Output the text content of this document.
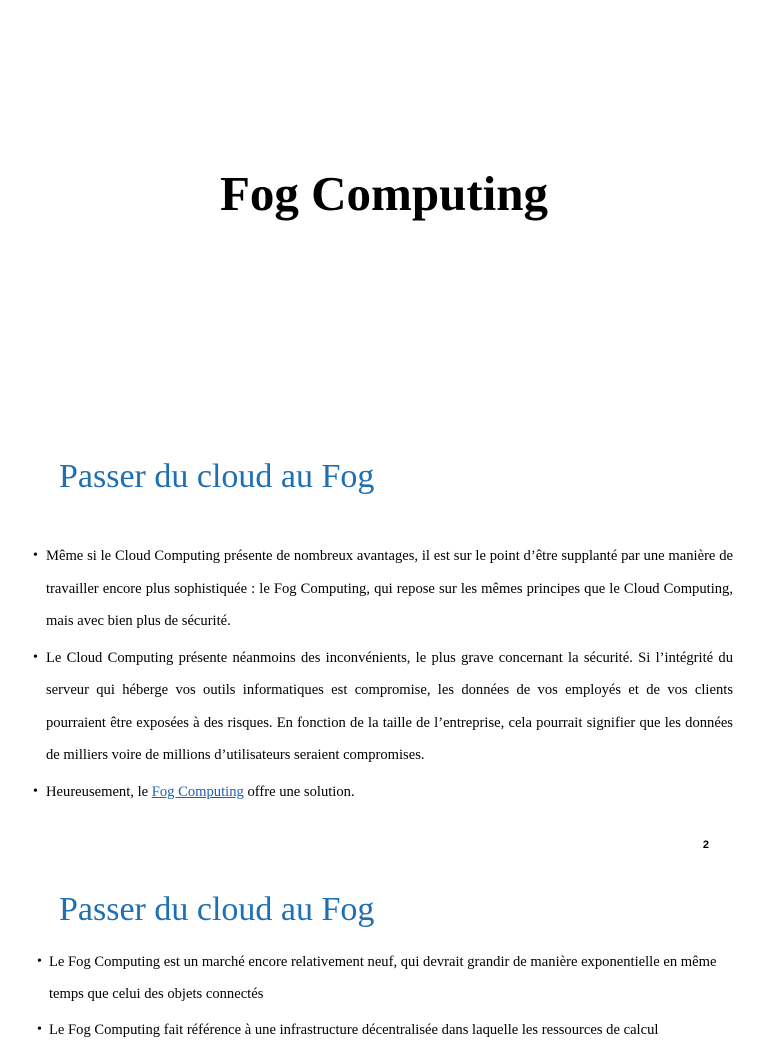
Fog Computing
Passer du cloud au Fog
• Même si le Cloud Computing présente de nombreux avantages, il est sur le point d’être supplanté par une manière de travailler encore plus sophistiquée : le Fog Computing, qui repose sur les mêmes principes que le Cloud Computing, mais avec bien plus de sécurité.
• Le Cloud Computing présente néanmoins des inconvénients, le plus grave concernant la sécurité. Si l’intégrité du serveur qui héberge vos outils informatiques est compromise, les données de vos employés et de vos clients pourraient être exposées à des risques. En fonction de la taille de l’entreprise, cela pourrait signifier que les données de milliers voire de millions d’utilisateurs seraient compromises.
• Heureusement, le Fog Computing offre une solution.
2
Passer du cloud au Fog
• Le Fog Computing est un marché encore relativement neuf, qui devrait grandir de manière exponentielle en même temps que celui des objets connectés
• Le Fog Computing fait référence à une infrastructure décentralisée dans laquelle les ressources de calcul
